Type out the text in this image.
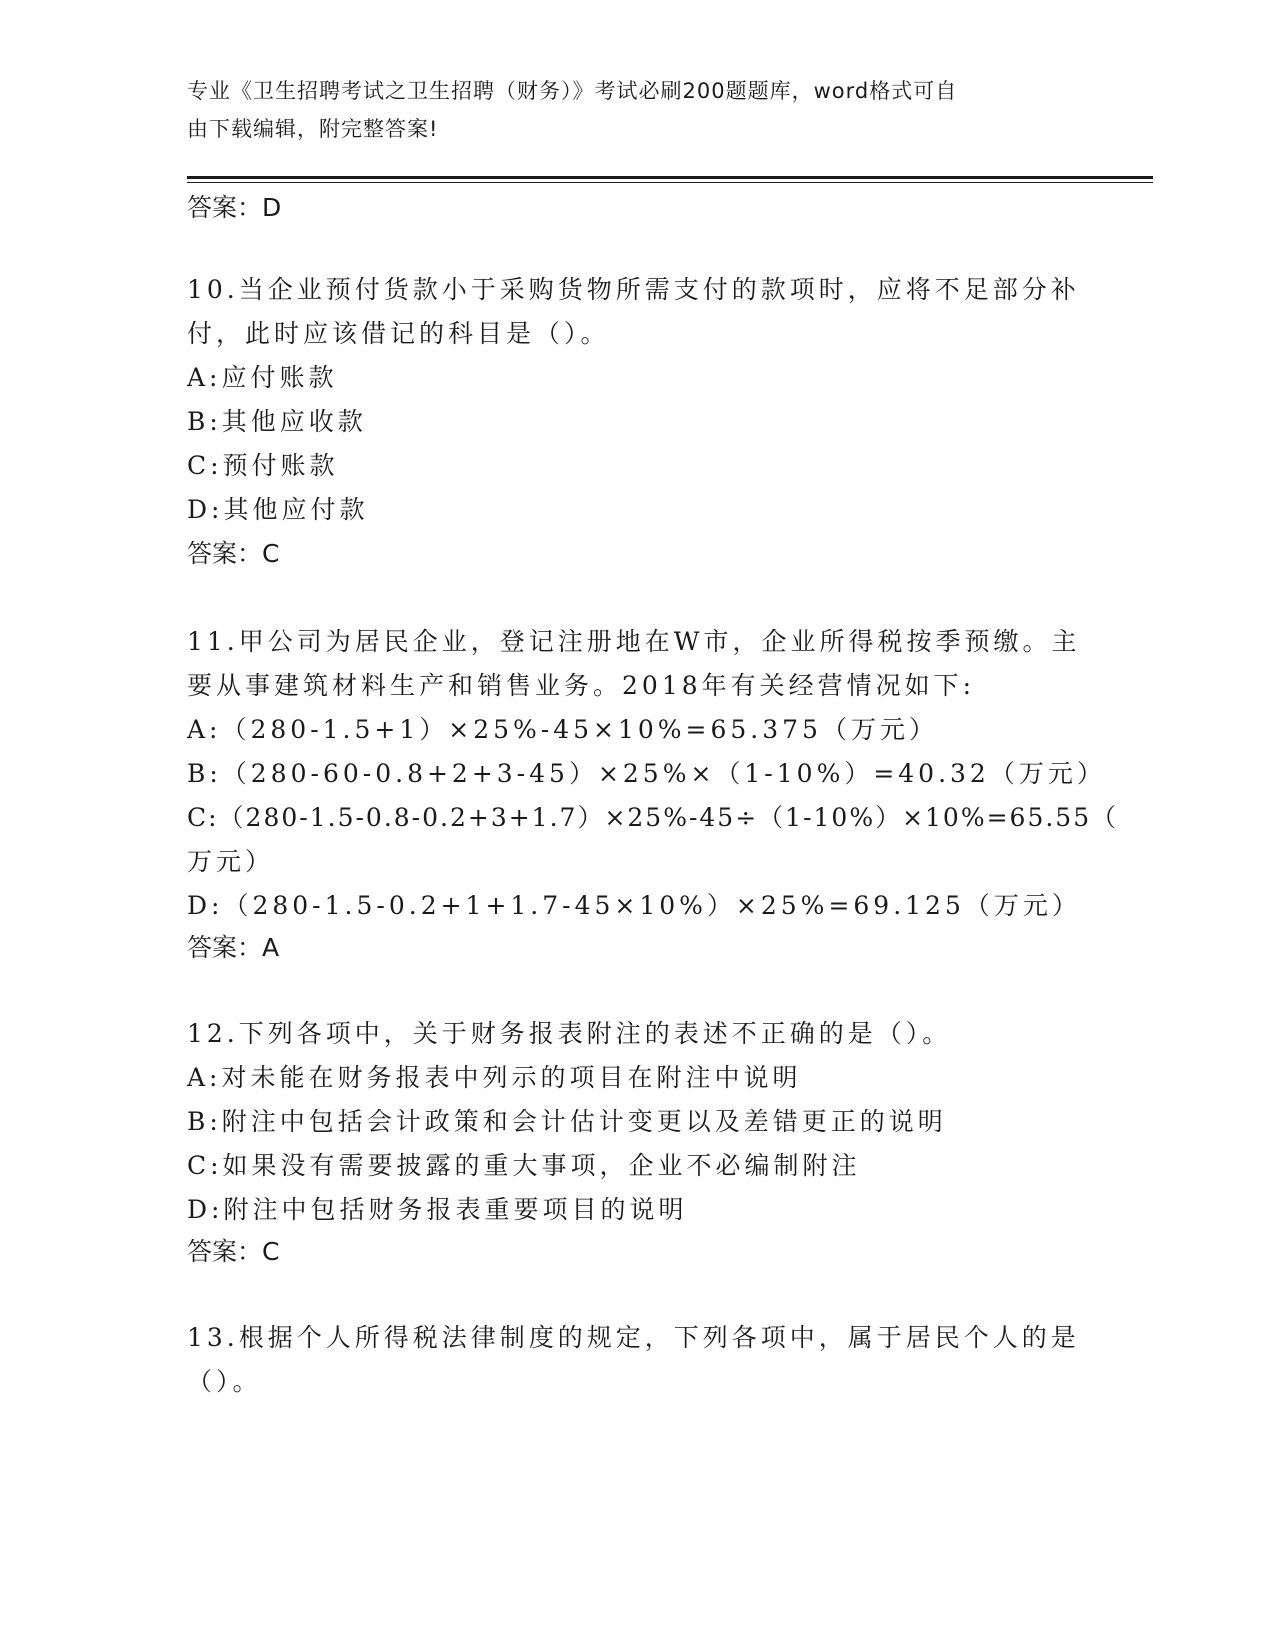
专业《卫生招聘考试之卫生招聘（财务）》考试必刷200题题库，word格式可自
由下载编辑，附完整答案!
答案：D
10.当企业预付货款小于采购货物所需支付的款项时，应将不足部分补
付，此时应该借记的科目是（）。
A:应付账款
B:其他应收款
C:预付账款
D:其他应付款
答案：C
11.甲公司为居民企业，登记注册地在W市，企业所得税按季预缴。主
要从事建筑材料生产和销售业务。2018年有关经营情况如下:
A:（280-1.5+1）×25%-45×10%=65.375（万元）
B:（280-60-0.8+2+3-45）×25%×（1-10%）=40.32（万元）
C:（280-1.5-0.8-0.2+3+1.7）×25%-45÷（1-10%）×10%=65.55（
万元）
D:（280-1.5-0.2+1+1.7-45×10%）×25%=69.125（万元）
答案：A
12.下列各项中，关于财务报表附注的表述不正确的是（）。
A:对未能在财务报表中列示的项目在附注中说明
B:附注中包括会计政策和会计估计变更以及差错更正的说明
C:如果没有需要披露的重大事项，企业不必编制附注
D:附注中包括财务报表重要项目的说明
答案：C
13.根据个人所得税法律制度的规定，下列各项中，属于居民个人的是
（）。
